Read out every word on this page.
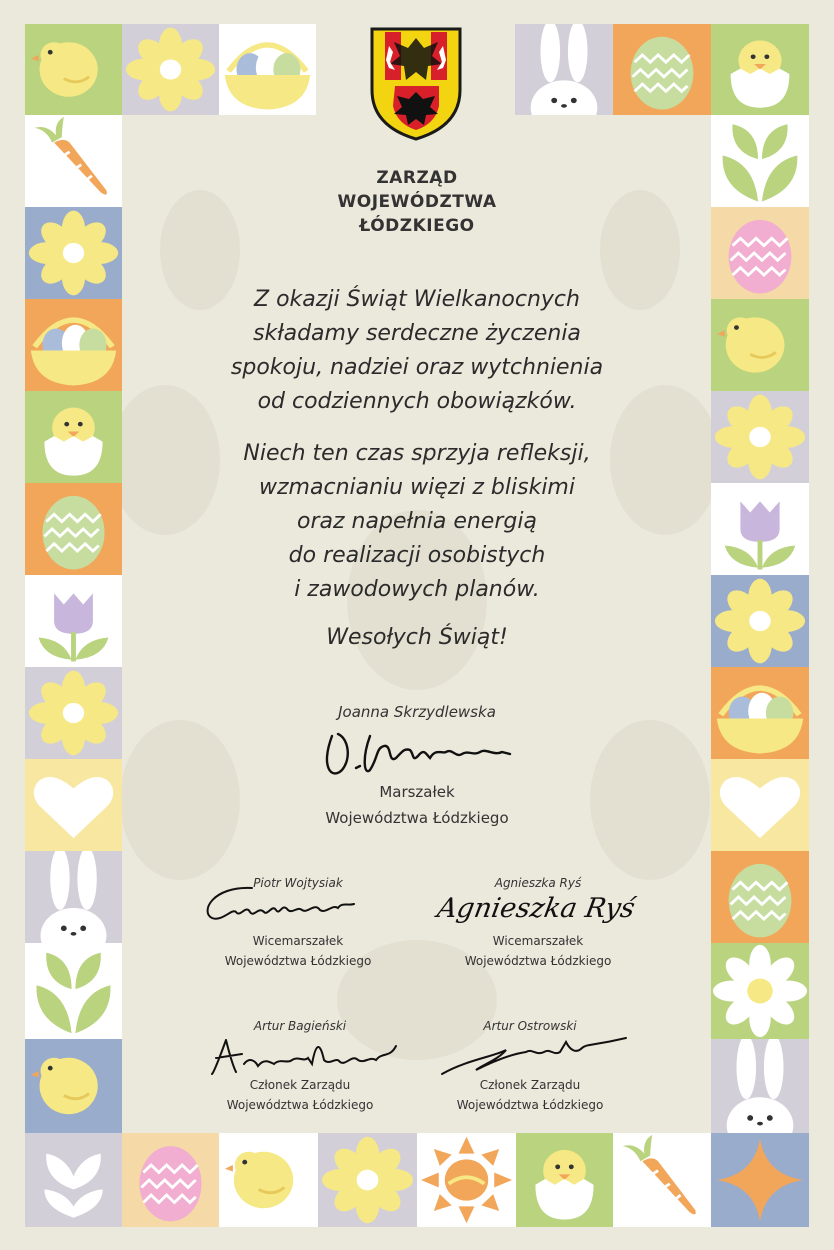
ZARZĄD
WOJEWÓDZTWA
ŁÓDZKIEGO
Z okazji Świąt Wielkanocnych
składamy serdeczne życzenia
spokoju, nadziei oraz wytchnienia
od codziennych obowiązków.
Niech ten czas sprzyja refleksji,
wzmacnianiu więzi z bliskimi
oraz napełnia energią
do realizacji osobistych
i zawodowych planów.
Wesołych Świąt!
Joanna Skrzydlewska
Marszałek
Województwa Łódzkiego
Piotr Wojtysiak
Wicemarszałek
Województwa Łódzkiego
Agnieszka Ryś
Agnieszka Ryś
Wicemarszałek
Województwa Łódzkiego
Artur Bagieński
Członek Zarządu
Województwa Łódzkiego
Artur Ostrowski
Członek Zarządu
Województwa Łódzkiego
